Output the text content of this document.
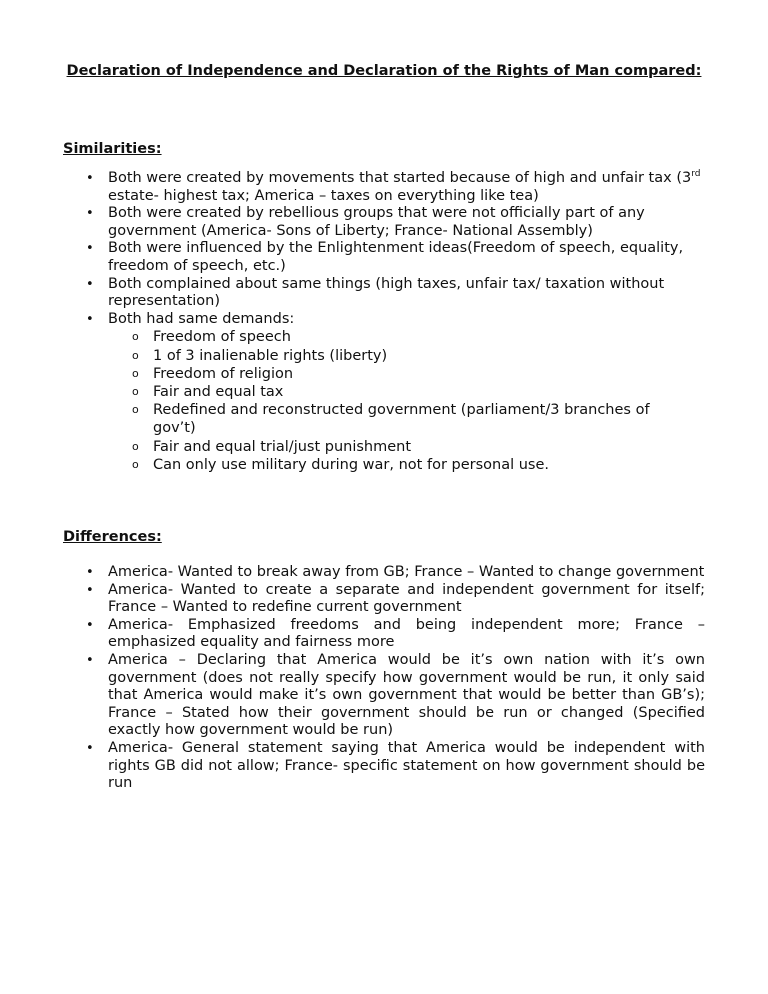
Declaration of Independence and Declaration of the Rights of Man compared:
Similarities:
• Both were created by movements that started because of high and unfair tax (3rd estate- highest tax; America – taxes on everything like tea)
• Both were created by rebellious groups that were not officially part of any government (America- Sons of Liberty; France- National Assembly)
• Both were influenced by the Enlightenment ideas(Freedom of speech, equality, freedom of speech, etc.)
• Both complained about same things (high taxes, unfair tax/ taxation without representation)
• Both had same demands:
o Freedom of speech
o 1 of 3 inalienable rights (liberty)
o Freedom of religion
o Fair and equal tax
o Redefined and reconstructed government (parliament/3 branches of gov’t)
o Fair and equal trial/just punishment
o Can only use military during war, not for personal use.
Differences:
• America- Wanted to break away from GB; France – Wanted to change government
• America- Wanted to create a separate and independent government for itself; France – Wanted to redefine current government
• America- Emphasized freedoms and being independent more; France – emphasized equality and fairness more
• America – Declaring that America would be it’s own nation with it’s own government (does not really specify how government would be run, it only said that America would make it’s own government that would be better than GB’s); France – Stated how their government should be run or changed (Specified exactly how government would be run)
• America- General statement saying that America would be independent with rights GB did not allow; France- specific statement on how government should be run
